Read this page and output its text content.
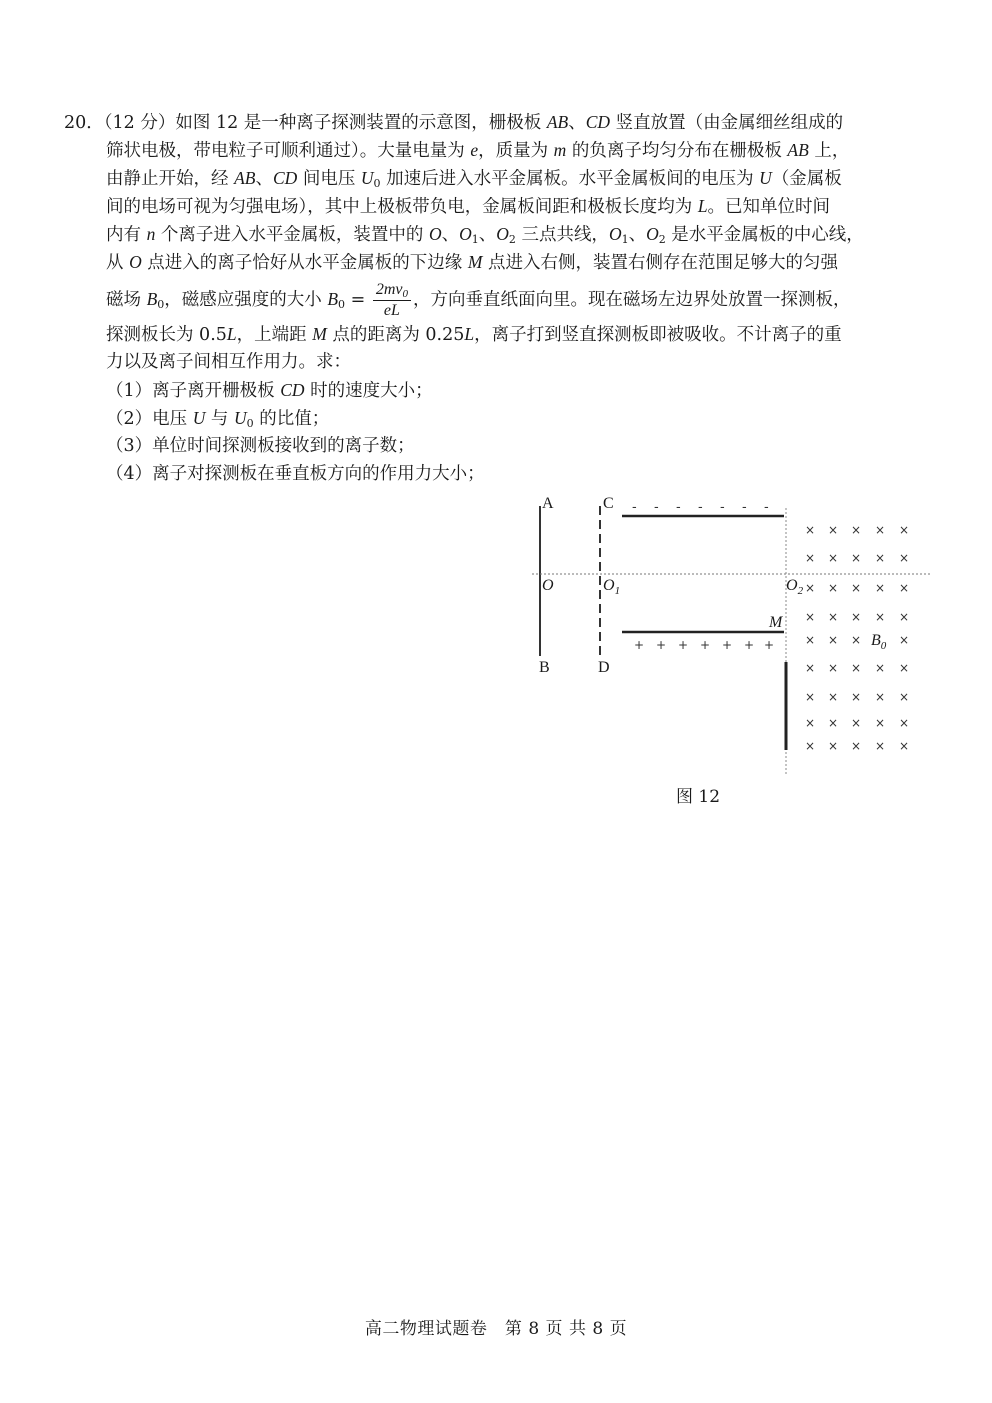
20．（12 分）如图 12 是一种离子探测装置的示意图，栅极板 AB、CD 竖直放置（由金属细丝组成的
筛状电极，带电粒子可顺利通过）。大量电量为 e，质量为 m 的负离子均匀分布在栅极板 AB 上，
由静止开始，经 AB、CD 间电压 $U_0$ 加速后进入水平金属板。水平金属板间的电压为 U（金属板
间的电场可视为匀强电场），其中上极板带负电，金属板间距和极板长度均为 L。已知单位时间
内有 n 个离子进入水平金属板，装置中的 O、$O_1$、$O_2$ 三点共线，$O_1$、$O_2$ 是水平金属板的中心线，
从 O 点进入的离子恰好从水平金属板的下边缘 M 点进入右侧，装置右侧存在范围足够大的匀强
磁场 $B_0$，磁感应强度的大小 $B_0 = \frac{2mv_0}{eL}$ ，方向垂直纸面向里。现在磁场左边界处放置一探测板，
探测板长为 0.5L，上端距 M 点的距离为 0.25L，离子打到竖直探测板即被吸收。不计离子的重
力以及离子间相互作用力。求：
（1）离子离开栅极板 CD 时的速度大小；
（2）电压 U 与 $U_0$ 的比值；
（3）单位时间探测板接收到的离子数；
（4）离子对探测板在垂直板方向的作用力大小；
- - - - - - -
+ + + + + + +
× × × × ×
× × × × ×
× × × × ×
× × × × ×
× × ×	×
× × × × ×
× × × × ×
× × × × ×
× × × × ×
A
B
C
D
O	$O_1$	$O_2$
M
$B_0$
图 12
高二物理试题卷　第 8 页 共 8 页
